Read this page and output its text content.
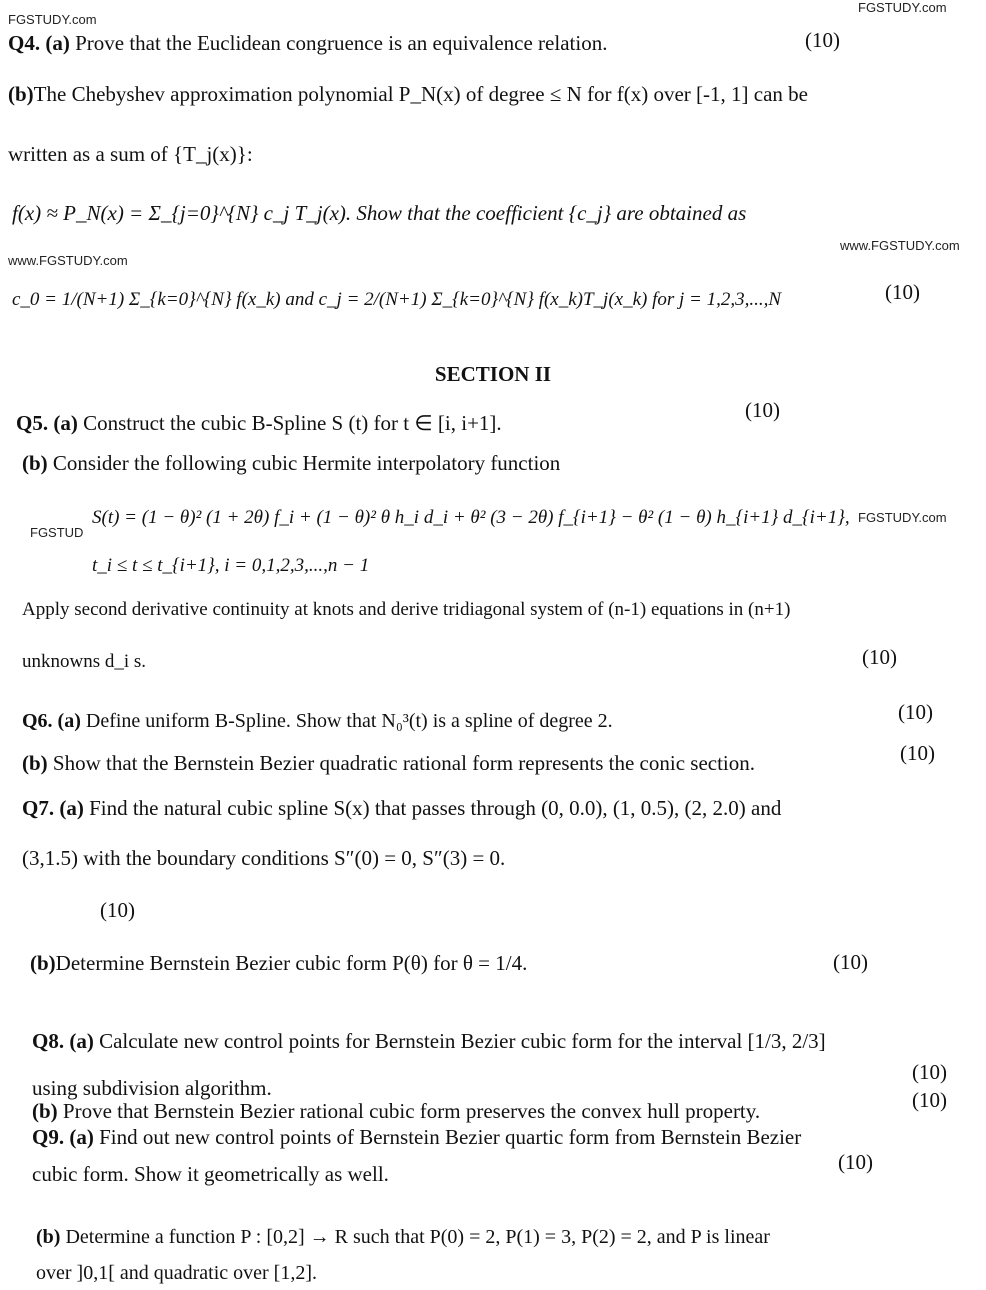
FGSTUDY.com
FGSTUDY.com
www.FGSTUDY.com
www.FGSTUDY.com
FGSTUD
FGSTUDY.com
Q4. (a) Prove that the Euclidean congruence is an equivalence relation.	(10)
(b)The Chebyshev approximation polynomial P_N(x) of degree ≤ N for f(x) over [-1, 1] can be
written as a sum of {T_j(x)}:
f(x) ≈ P_N(x) = Σ_{j=0}^{N} c_j T_j(x). Show that the coefficient {c_j} are obtained as
c_0 = 1/(N+1) Σ_{k=0}^{N} f(x_k) and c_j = 2/(N+1) Σ_{k=0}^{N} f(x_k)T_j(x_k) for j = 1,2,3,...,N	(10)
SECTION II
Q5. (a) Construct the cubic B-Spline S (t) for t ∈ [i, i+1].
(10)
(b) Consider the following cubic Hermite interpolatory function
S(t) = (1 − θ)² (1 + 2θ) f_i + (1 − θ)² θ h_i d_i + θ² (3 − 2θ) f_{i+1} − θ² (1 − θ) h_{i+1} d_{i+1},
t_i ≤ t ≤ t_{i+1}, i = 0,1,2,3,...,n − 1
Apply second derivative continuity at knots and derive tridiagonal system of (n-1) equations in (n+1)
unknowns d_i s.	(10)
Q6. (a) Define uniform B-Spline. Show that N₀³(t) is a spline of degree 2.	(10)
(b) Show that the Bernstein Bezier quadratic rational form represents the conic section.	(10)
Q7. (a) Find the natural cubic spline S(x) that passes through (0, 0.0), (1, 0.5), (2, 2.0) and
(3,1.5) with the boundary conditions S″(0) = 0, S″(3) = 0.
(10)
(b)Determine Bernstein Bezier cubic form P(θ) for θ = 1/4.	(10)
Q8. (a) Calculate new control points for Bernstein Bezier cubic form for the interval [1/3, 2/3]
(10)
using subdivision algorithm.
(b) Prove that Bernstein Bezier rational cubic form preserves the convex hull property.	(10)
Q9. (a) Find out new control points of Bernstein Bezier quartic form from Bernstein Bezier
(10)
cubic form. Show it geometrically as well.
(b) Determine a function P : [0,2] → R such that P(0) = 2, P(1) = 3, P(2) = 2, and P is linear
over ]0,1[ and quadratic over [1,2].
